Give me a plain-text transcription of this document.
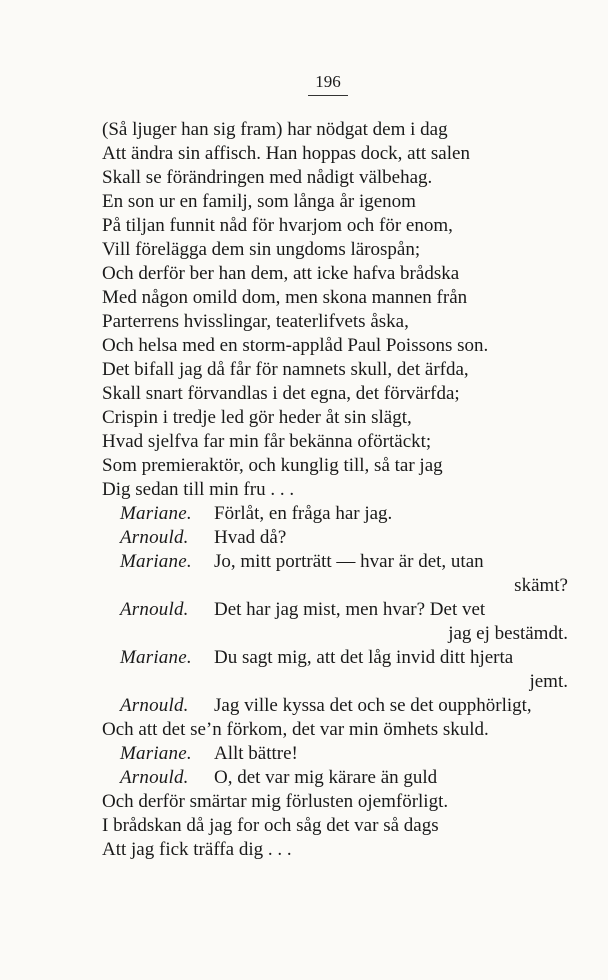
196
(Så ljuger han sig fram) har nödgat dem i dag
Att ändra sin affisch. Han hoppas dock, att salen
Skall se förändringen med nådigt välbehag.
En son ur en familj, som långa år igenom
På tiljan funnit nåd för hvarjom och för enom,
Vill förelägga dem sin ungdoms lärospån;
Och derför ber han dem, att icke hafva brådska
Med någon omild dom, men skona mannen från
Parterrens hvisslingar, teaterlifvets åska,
Och helsa med en storm-applåd Paul Poissons son.
Det bifall jag då får för namnets skull, det ärfda,
Skall snart förvandlas i det egna, det förvärfda;
Crispin i tredje led gör heder åt sin slägt,
Hvad sjelfva far min får bekänna oförtäckt;
Som premieraktör, och kunglig till, så tar jag
Dig sedan till min fru . . .
Mariane. Förlåt, en fråga har jag.
Arnould. Hvad då?
Mariane. Jo, mitt porträtt — hvar är det, utan
skämt?
Arnould. Det har jag mist, men hvar? Det vet
jag ej bestämdt.
Mariane. Du sagt mig, att det låg invid ditt hjerta
jemt.
Arnould. Jag ville kyssa det och se det oupphörligt,
Och att det se’n förkom, det var min ömhets skuld.
Mariane. Allt bättre!
Arnould. O, det var mig kärare än guld
Och derför smärtar mig förlusten ojemförligt.
I brådskan då jag for och såg det var så dags
Att jag fick träffa dig . . .
